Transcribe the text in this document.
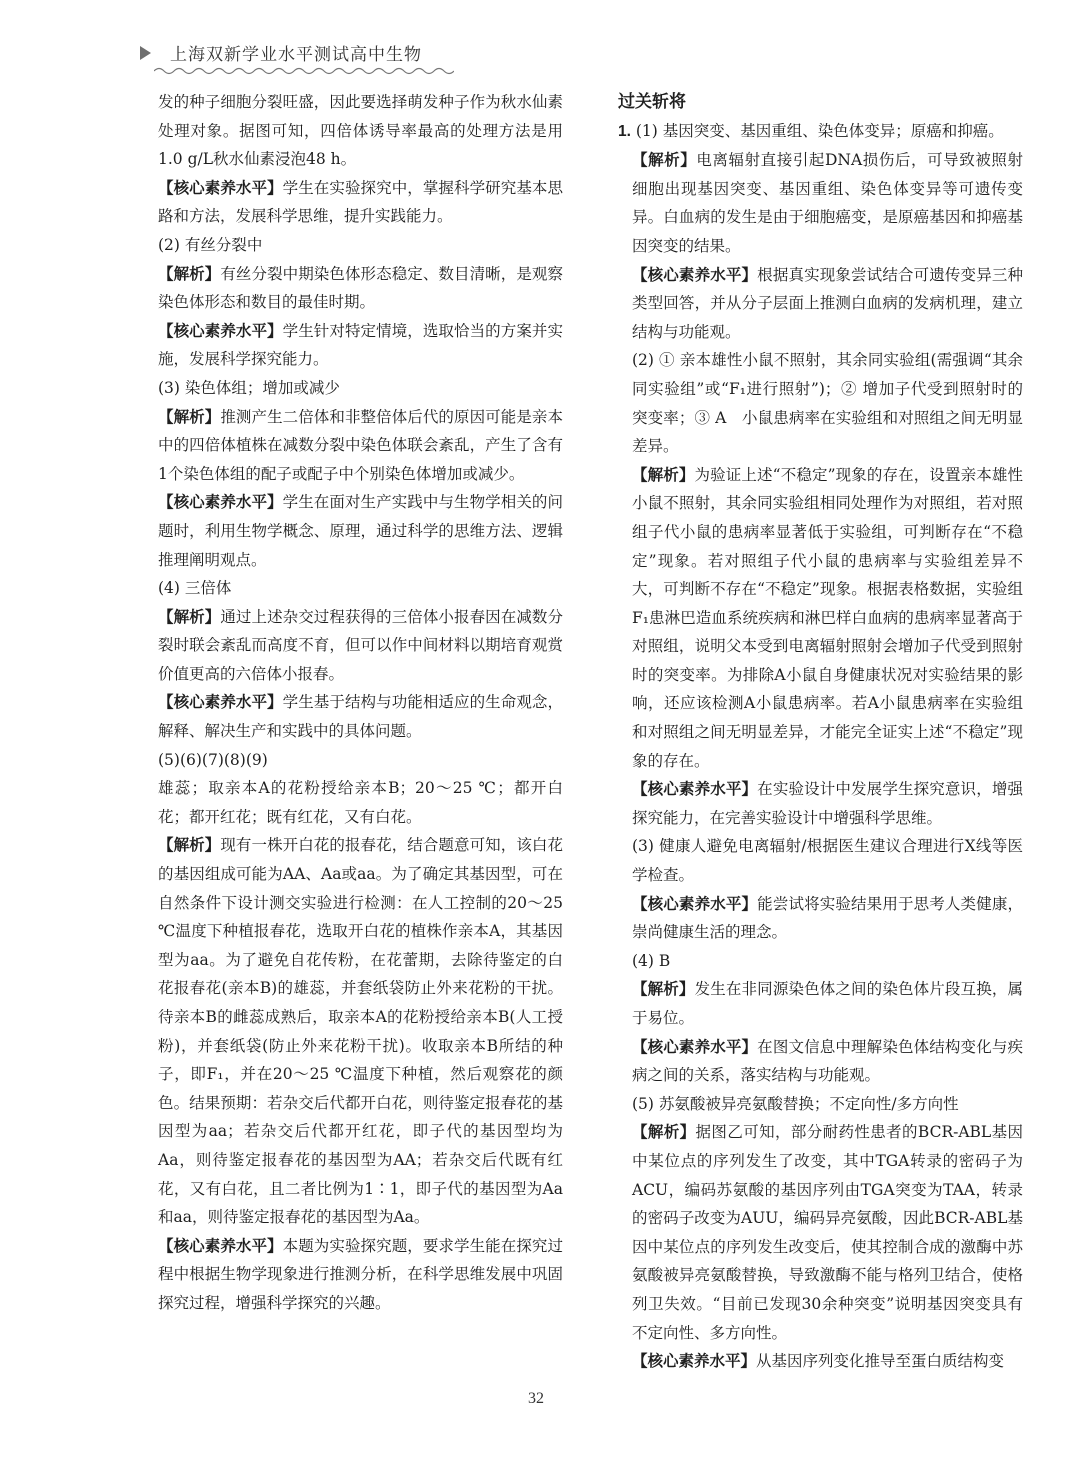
上海双新学业水平测试高中生物

发的种子细胞分裂旺盛，因此要选择萌发种子作为秋水仙素处理对象。据图可知，四倍体诱导率最高的处理方法是用1.0 g/L秋水仙素浸泡48 h。

【核心素养水平】学生在实验探究中，掌握科学研究基本思路和方法，发展科学思维，提升实践能力。

(2) 有丝分裂中

【解析】有丝分裂中期染色体形态稳定、数目清晰，是观察染色体形态和数目的最佳时期。

【核心素养水平】学生针对特定情境，选取恰当的方案并实施，发展科学探究能力。

(3) 染色体组；增加或减少

【解析】推测产生二倍体和非整倍体后代的原因可能是亲本中的四倍体植株在减数分裂中染色体联会紊乱，产生了含有1个染色体组的配子或配子中个别染色体增加或减少。

【核心素养水平】学生在面对生产实践中与生物学相关的问题时，利用生物学概念、原理，通过科学的思维方法、逻辑推理阐明观点。

(4) 三倍体

【解析】通过上述杂交过程获得的三倍体小报春因在减数分裂时联会紊乱而高度不育，但可以作中间材料以期培育观赏价值更高的六倍体小报春。

【核心素养水平】学生基于结构与功能相适应的生命观念，解释、解决生产和实践中的具体问题。

(5)(6)(7)(8)(9)

雄蕊；取亲本A的花粉授给亲本B；20～25 ℃；都开白花；都开红花；既有红花，又有白花。

【解析】现有一株开白花的报春花，结合题意可知，该白花的基因组成可能为AA、Aa或aa。为了确定其基因型，可在自然条件下设计测交实验进行检测：在人工控制的20～25 ℃温度下种植报春花，选取开白花的植株作亲本A，其基因型为aa。为了避免自花传粉，在花蕾期，去除待鉴定的白花报春花(亲本B)的雄蕊，并套纸袋防止外来花粉的干扰。待亲本B的雌蕊成熟后，取亲本A的花粉授给亲本B(人工授粉)，并套纸袋(防止外来花粉干扰)。收取亲本B所结的种子，即F₁，并在20～25 ℃温度下种植，然后观察花的颜色。结果预期：若杂交后代都开白花，则待鉴定报春花的基因型为aa；若杂交后代都开红花，即子代的基因型均为Aa，则待鉴定报春花的基因型为AA；若杂交后代既有红花，又有白花，且二者比例为1∶1，即子代的基因型为Aa和aa，则待鉴定报春花的基因型为Aa。

【核心素养水平】本题为实验探究题，要求学生能在探究过程中根据生物学现象进行推测分析，在科学思维发展中巩固探究过程，增强科学探究的兴趣。

过关斩将

1. (1) 基因突变、基因重组、染色体变异；原癌和抑癌。

【解析】电离辐射直接引起DNA损伤后，可导致被照射细胞出现基因突变、基因重组、染色体变异等可遗传变异。白血病的发生是由于细胞癌变，是原癌基因和抑癌基因突变的结果。

【核心素养水平】根据真实现象尝试结合可遗传变异三种类型回答，并从分子层面上推测白血病的发病机理，建立结构与功能观。

(2) ① 亲本雄性小鼠不照射，其余同实验组(需强调“其余同实验组”或“F₁进行照射”)；② 增加子代受到照射时的突变率；③ A　小鼠患病率在实验组和对照组之间无明显差异。

【解析】为验证上述“不稳定”现象的存在，设置亲本雄性小鼠不照射，其余同实验组相同处理作为对照组，若对照组子代小鼠的患病率显著低于实验组，可判断存在“不稳定”现象。若对照组子代小鼠的患病率与实验组差异不大，可判断不存在“不稳定”现象。根据表格数据，实验组F₁患淋巴造血系统疾病和淋巴样白血病的患病率显著高于对照组，说明父本受到电离辐射照射会增加子代受到照射时的突变率。为排除A小鼠自身健康状况对实验结果的影响，还应该检测A小鼠患病率。若A小鼠患病率在实验组和对照组之间无明显差异，才能完全证实上述“不稳定”现象的存在。

【核心素养水平】在实验设计中发展学生探究意识，增强探究能力，在完善实验设计中增强科学思维。

(3) 健康人避免电离辐射/根据医生建议合理进行X线等医学检查。

【核心素养水平】能尝试将实验结果用于思考人类健康，崇尚健康生活的理念。

(4) B

【解析】发生在非同源染色体之间的染色体片段互换，属于易位。

【核心素养水平】在图文信息中理解染色体结构变化与疾病之间的关系，落实结构与功能观。

(5) 苏氨酸被异亮氨酸替换；不定向性/多方向性

【解析】据图乙可知，部分耐药性患者的BCR-ABL基因中某位点的序列发生了改变，其中TGA转录的密码子为ACU，编码苏氨酸的基因序列由TGA突变为TAA，转录的密码子改变为AUU，编码异亮氨酸，因此BCR-ABL基因中某位点的序列发生改变后，使其控制合成的激酶中苏氨酸被异亮氨酸替换，导致激酶不能与格列卫结合，使格列卫失效。“目前已发现30余种突变”说明基因突变具有不定向性、多方向性。

【核心素养水平】从基因序列变化推导至蛋白质结构变

32
